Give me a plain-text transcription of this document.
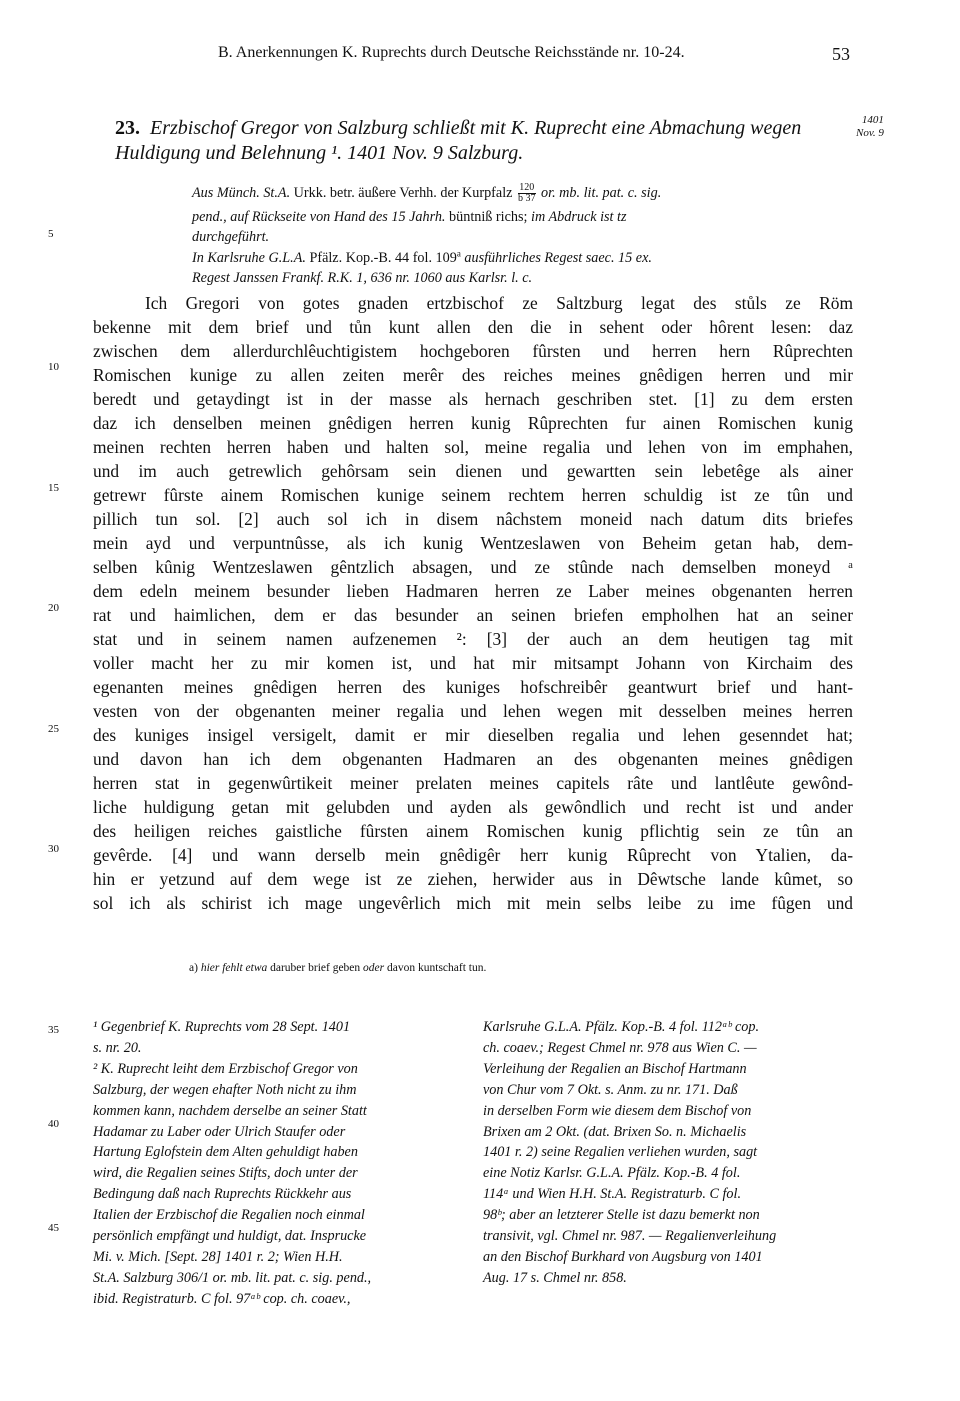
B. Anerkennungen K. Ruprechts durch Deutsche Reichsstände nr. 10-24.	53
23. Erzbischof Gregor von Salzburg schließt mit K. Ruprecht eine Abmachung wegen
Huldigung und Belehnung ¹. 1401 Nov. 9 Salzburg.
1401
Nov. 9
Aus Münch. St.A. Urkk. betr. äußere Verhh. der Kurpfalz $\frac{120}{b 37}$ or. mb. lit. pat. c. sig.
pend., auf Rückseite von Hand des 15 Jahrh. büntniß richs; im Abdruck ist tz
durchgeführt.
In Karlsruhe G.L.A. Pfälz. Kop.-B. 44 fol. 109$^a$ ausführliches Regest saec. 15 ex.
Regest Janssen Frankf. R.K. 1, 636 nr. 1060 aus Karlsr. l. c.
5
10
15
20
25
30
35
40
45
Ich Gregori von gotes gnaden ertzbischof ze Saltzburg legat des stůls ze Röm
bekenne mit dem brief und tůn kunt allen den die in sehent oder hôrent lesen: daz
zwischen dem allerdurchlêuchtigistem hochgeboren fûrsten und herren hern Rûprechten
Romischen kunige zu allen zeiten merêr des reiches meines gnêdigen herren und mir
beredt und getaydingt ist in der masse als hernach geschriben stet. [1] zu dem ersten
daz ich denselben meinen gnêdigen herren kunig Rûprechten fur ainen Romischen kunig
meinen rechten herren haben und halten sol, meine regalia und lehen von im emphahen,
und im auch getrewlich gehôrsam sein dienen und gewartten sein lebetêge als ainer
getrewr fûrste ainem Romischen kunige seinem rechtem herren schuldig ist ze tûn und
pillich tun sol. [2] auch sol ich in disem nâchstem moneid nach datum dits briefes
mein ayd und verpuntnûsse, als ich kunig Wentzeslawen von Beheim getan hab, dem-
selben kûnig Wentzeslawen gêntzlich absagen, und ze stûnde nach demselben moneyd ᵃ
dem edeln meinem besunder lieben Hadmaren herren ze Laber meines obgenanten herren
rat und haimlichen, dem er das besunder an seinen briefen empholhen hat an seiner
stat und in seinem namen aufzenemen ²: [3] der auch an dem heutigen tag mit
voller macht her zu mir komen ist, und hat mir mitsampt Johann von Kirchaim des
egenanten meines gnêdigen herren des kuniges hofschreibêr geantwurt brief und hant-
vesten von der obgenanten meiner regalia und lehen wegen mit desselben meines herren
des kuniges insigel versigelt, damit er mir dieselben regalia und lehen gesenndet hat;
und davon han ich dem obgenanten Hadmaren an des obgenanten meines gnêdigen
herren stat in gegenwûrtikeit meiner prelaten meines capitels râte und lantlêute gewônd-
liche huldigung getan mit gelubden und ayden als gewôndlich und recht ist und ander
des heiligen reiches gaistliche fûrsten ainem Romischen kunig pflichtig sein ze tûn an
gevêrde. [4] und wann derselb mein gnêdigêr herr kunig Rûprecht von Ytalien, da-
hin er yetzund auf dem wege ist ze ziehen, herwider aus in Dêwtsche lande kûmet, so
sol ich als schirist ich mage ungevêrlich mich mit mein selbs leibe zu ime fûgen und
a) hier fehlt etwa daruber brief geben oder davon kuntschaft tun.
¹ Gegenbrief K. Ruprechts vom 28 Sept. 1401
s. nr. 20.
² K. Ruprecht leiht dem Erzbischof Gregor von
Salzburg, der wegen ehafter Noth nicht zu ihm
kommen kann, nachdem derselbe an seiner Statt
Hadamar zu Laber oder Ulrich Staufer oder
Hartung Eglofstein dem Alten gehuldigt haben
wird, die Regalien seines Stifts, doch unter der
Bedingung daß nach Ruprechts Rückkehr aus
Italien der Erzbischof die Regalien noch einmal
persönlich empfängt und huldigt, dat. Insprucke
Mi. v. Mich. [Sept. 28] 1401 r. 2; Wien H.H.
St.A. Salzburg 306/1 or. mb. lit. pat. c. sig. pend.,
ibid. Registraturb. C fol. 97ᵃᵇ cop. ch. coaev.,
Karlsruhe G.L.A. Pfälz. Kop.-B. 4 fol. 112ᵃᵇ cop.
ch. coaev.; Regest Chmel nr. 978 aus Wien C. —
Verleihung der Regalien an Bischof Hartmann
von Chur vom 7 Okt. s. Anm. zu nr. 171. Daß
in derselben Form wie diesem dem Bischof von
Brixen am 2 Okt. (dat. Brixen So. n. Michaelis
1401 r. 2) seine Regalien verliehen wurden, sagt
eine Notiz Karlsr. G.L.A. Pfälz. Kop.-B. 4 fol.
114ᵃ und Wien H.H. St.A. Registraturb. C fol.
98ᵇ; aber an letzterer Stelle ist dazu bemerkt non
transivit, vgl. Chmel nr. 987. — Regalienverleihung
an den Bischof Burkhard von Augsburg von 1401
Aug. 17 s. Chmel nr. 858.
